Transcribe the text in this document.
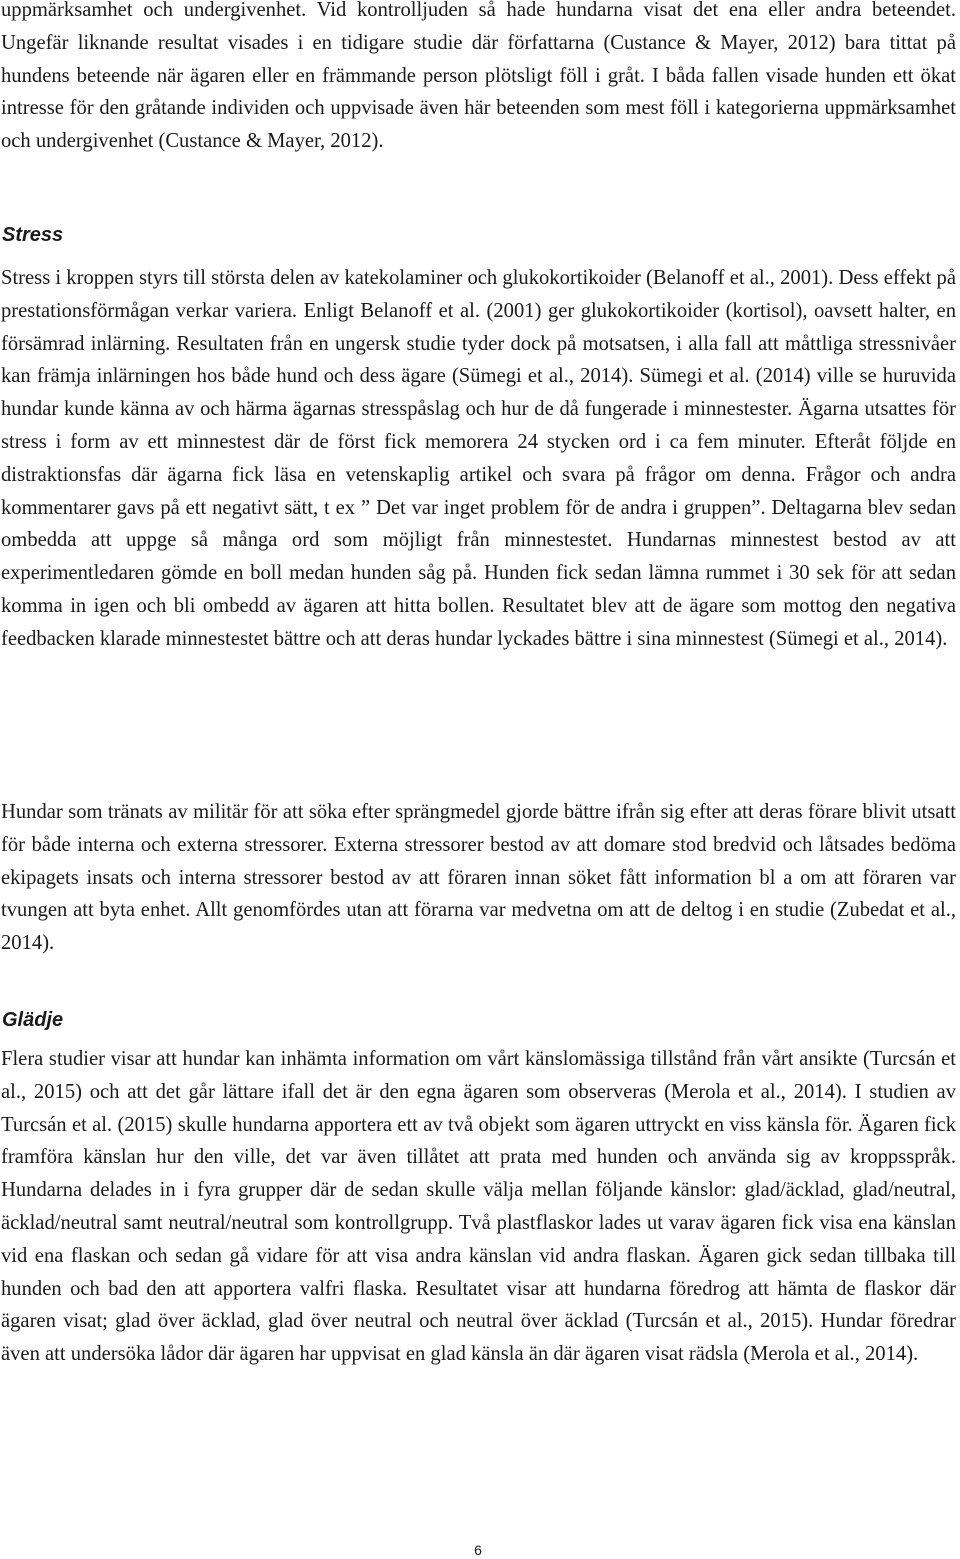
uppmärksamhet och undergivenhet. Vid kontrolljuden så hade hundarna visat det ena eller andra beteendet. Ungefär liknande resultat visades i en tidigare studie där författarna (Custance & Mayer, 2012) bara tittat på hundens beteende när ägaren eller en främmande person plötsligt föll i gråt. I båda fallen visade hunden ett ökat intresse för den gråtande individen och uppvisade även här beteenden som mest föll i kategorierna uppmärksamhet och undergivenhet (Custance & Mayer, 2012).

Stress

Stress i kroppen styrs till största delen av katekolaminer och glukokortikoider (Belanoff et al., 2001). Dess effekt på prestationsförmågan verkar variera. Enligt Belanoff et al. (2001) ger glukokortikoider (kortisol), oavsett halter, en försämrad inlärning. Resultaten från en ungersk studie tyder dock på motsatsen, i alla fall att måttliga stressnivåer kan främja inlärningen hos både hund och dess ägare (Sümegi et al., 2014). Sümegi et al. (2014) ville se huruvida hundar kunde känna av och härma ägarnas stresspåslag och hur de då fungerade i minnestester. Ägarna utsattes för stress i form av ett minnestest där de först fick memorera 24 stycken ord i ca fem minuter. Efteråt följde en distraktionsfas där ägarna fick läsa en vetenskaplig artikel och svara på frågor om denna. Frågor och andra kommentarer gavs på ett negativt sätt, t ex ” Det var inget problem för de andra i gruppen”. Deltagarna blev sedan ombedda att uppge så många ord som möjligt från minnestestet. Hundarnas minnestest bestod av att experimentledaren gömde en boll medan hunden såg på. Hunden fick sedan lämna rummet i 30 sek för att sedan komma in igen och bli ombedd av ägaren att hitta bollen. Resultatet blev att de ägare som mottog den negativa feedbacken klarade minnestestet bättre och att deras hundar lyckades bättre i sina minnestest (Sümegi et al., 2014).

Hundar som tränats av militär för att söka efter sprängmedel gjorde bättre ifrån sig efter att deras förare blivit utsatt för både interna och externa stressorer. Externa stressorer bestod av att domare stod bredvid och låtsades bedöma ekipagets insats och interna stressorer bestod av att föraren innan söket fått information bl a om att föraren var tvungen att byta enhet. Allt genomfördes utan att förarna var medvetna om att de deltog i en studie (Zubedat et al., 2014).

Glädje

Flera studier visar att hundar kan inhämta information om vårt känslomässiga tillstånd från vårt ansikte (Turcsán et al., 2015) och att det går lättare ifall det är den egna ägaren som observeras (Merola et al., 2014). I studien av Turcsán et al. (2015) skulle hundarna apportera ett av två objekt som ägaren uttryckt en viss känsla för. Ägaren fick framföra känslan hur den ville, det var även tillåtet att prata med hunden och använda sig av kroppsspråk. Hundarna delades in i fyra grupper där de sedan skulle välja mellan följande känslor: glad/äcklad, glad/neutral, äcklad/neutral samt neutral/neutral som kontrollgrupp. Två plastflaskor lades ut varav ägaren fick visa ena känslan vid ena flaskan och sedan gå vidare för att visa andra känslan vid andra flaskan. Ägaren gick sedan tillbaka till hunden och bad den att apportera valfri flaska. Resultatet visar att hundarna föredrog att hämta de flaskor där ägaren visat; glad över äcklad, glad över neutral och neutral över äcklad (Turcsán et al., 2015). Hundar föredrar även att undersöka lådor där ägaren har uppvisat en glad känsla än där ägaren visat rädsla (Merola et al., 2014).

6
